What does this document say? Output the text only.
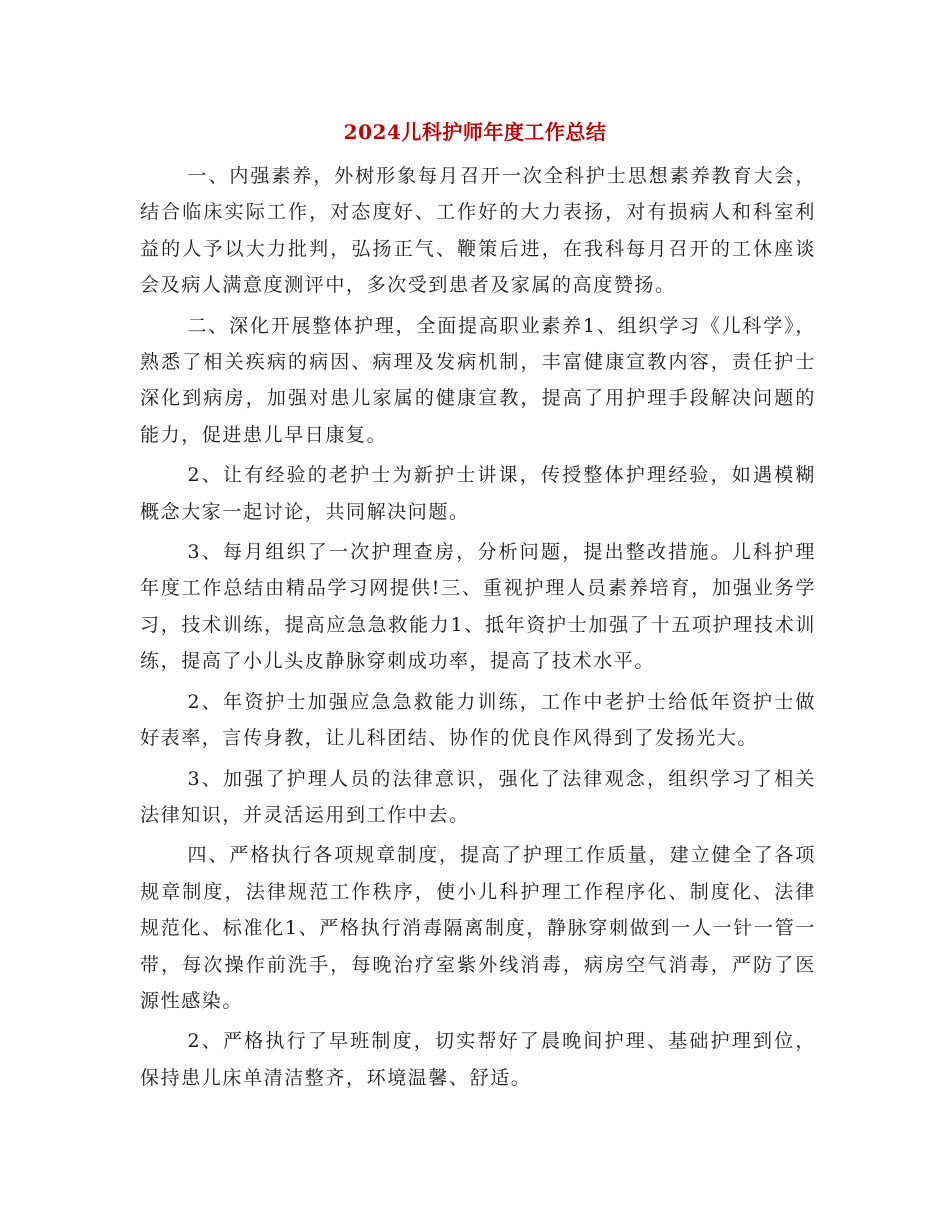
2024儿科护师年度工作总结

一、内强素养，外树形象每月召开一次全科护士思想素养教育大会，结合临床实际工作，对态度好、工作好的大力表扬，对有损病人和科室利益的人予以大力批判，弘扬正气、鞭策后进，在我科每月召开的工休座谈会及病人满意度测评中，多次受到患者及家属的高度赞扬。

二、深化开展整体护理，全面提高职业素养1、组织学习《儿科学》，熟悉了相关疾病的病因、病理及发病机制，丰富健康宣教内容，责任护士深化到病房，加强对患儿家属的健康宣教，提高了用护理手段解决问题的能力，促进患儿早日康复。

2、让有经验的老护士为新护士讲课，传授整体护理经验，如遇模糊概念大家一起讨论，共同解决问题。

3、每月组织了一次护理查房，分析问题，提出整改措施。儿科护理年度工作总结由精品学习网提供!三、重视护理人员素养培育，加强业务学习，技术训练，提高应急急救能力1、抵年资护士加强了十五项护理技术训练，提高了小儿头皮静脉穿刺成功率，提高了技术水平。

2、年资护士加强应急急救能力训练，工作中老护士给低年资护士做好表率，言传身教，让儿科团结、协作的优良作风得到了发扬光大。

3、加强了护理人员的法律意识，强化了法律观念，组织学习了相关法律知识，并灵活运用到工作中去。

四、严格执行各项规章制度，提高了护理工作质量，建立健全了各项规章制度，法律规范工作秩序，使小儿科护理工作程序化、制度化、法律规范化、标准化1、严格执行消毒隔离制度，静脉穿刺做到一人一针一管一带，每次操作前洗手，每晚治疗室紫外线消毒，病房空气消毒，严防了医源性感染。

2、严格执行了早班制度，切实帮好了晨晚间护理、基础护理到位，保持患儿床单清洁整齐，环境温馨、舒适。
